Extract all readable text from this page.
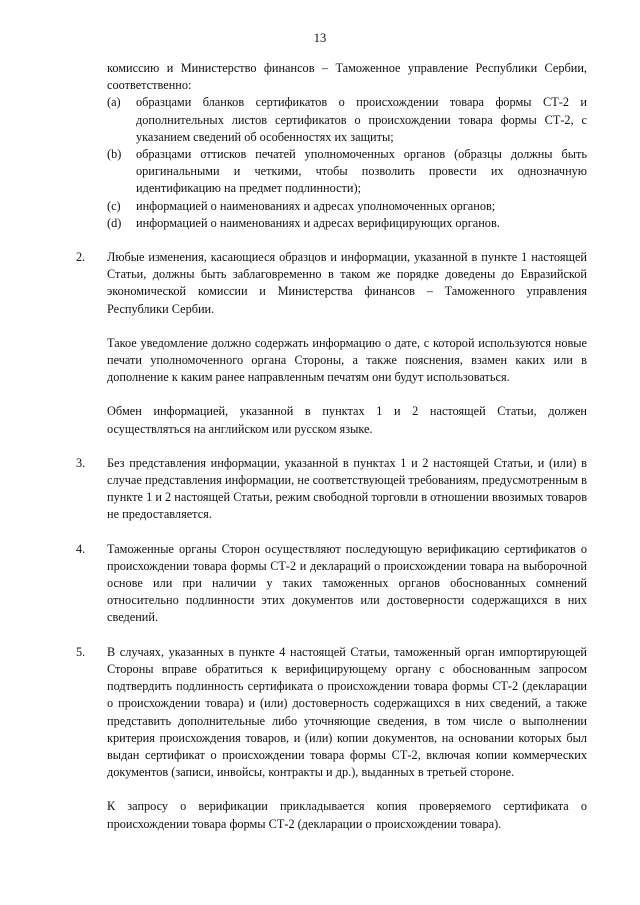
13

комиссию и Министерство финансов – Таможенное управление Республики Сербии, соответственно:

(a) образцами бланков сертификатов о происхождении товара формы СТ-2 и дополнительных листов сертификатов о происхождении товара формы СТ-2, с указанием сведений об особенностях их защиты;
(b) образцами оттисков печатей уполномоченных органов (образцы должны быть оригинальными и четкими, чтобы позволить провести их однозначную идентификацию на предмет подлинности);
(c) информацией о наименованиях и адресах уполномоченных органов;
(d) информацией о наименованиях и адресах верифицирующих органов.
2. Любые изменения, касающиеся образцов и информации, указанной в пункте 1 настоящей Статьи, должны быть заблаговременно в таком же порядке доведены до Евразийской экономической комиссии и Министерства финансов – Таможенного управления Республики Сербии.

Такое уведомление должно содержать информацию о дате, с которой используются новые печати уполномоченного органа Стороны, а также пояснения, взамен каких или в дополнение к каким ранее направленным печатям они будут использоваться.

Обмен информацией, указанной в пунктах 1 и 2 настоящей Статьи, должен осуществляться на английском или русском языке.

3. Без представления информации, указанной в пунктах 1 и 2 настоящей Статьи, и (или) в случае представления информации, не соответствующей требованиям, предусмотренным в пункте 1 и 2 настоящей Статьи, режим свободной торговли в отношении ввозимых товаров не предоставляется.

4. Таможенные органы Сторон осуществляют последующую верификацию сертификатов о происхождении товара формы СТ-2 и деклараций о происхождении товара на выборочной основе или при наличии у таких таможенных органов обоснованных сомнений относительно подлинности этих документов или достоверности содержащихся в них сведений.

5. В случаях, указанных в пункте 4 настоящей Статьи, таможенный орган импортирующей Стороны вправе обратиться к верифицирующему органу с обоснованным запросом подтвердить подлинность сертификата о происхождении товара формы СТ-2 (декларации о происхождении товара) и (или) достоверность содержащихся в них сведений, а также представить дополнительные либо уточняющие сведения, в том числе о выполнении критерия происхождения товаров, и (или) копии документов, на основании которых был выдан сертификат о происхождении товара формы СТ-2, включая копии коммерческих документов (записи, инвойсы, контракты и др.), выданных в третьей стороне.

К запросу о верификации прикладывается копия проверяемого сертификата о происхождении товара формы СТ-2 (декларации о происхождении товара).
